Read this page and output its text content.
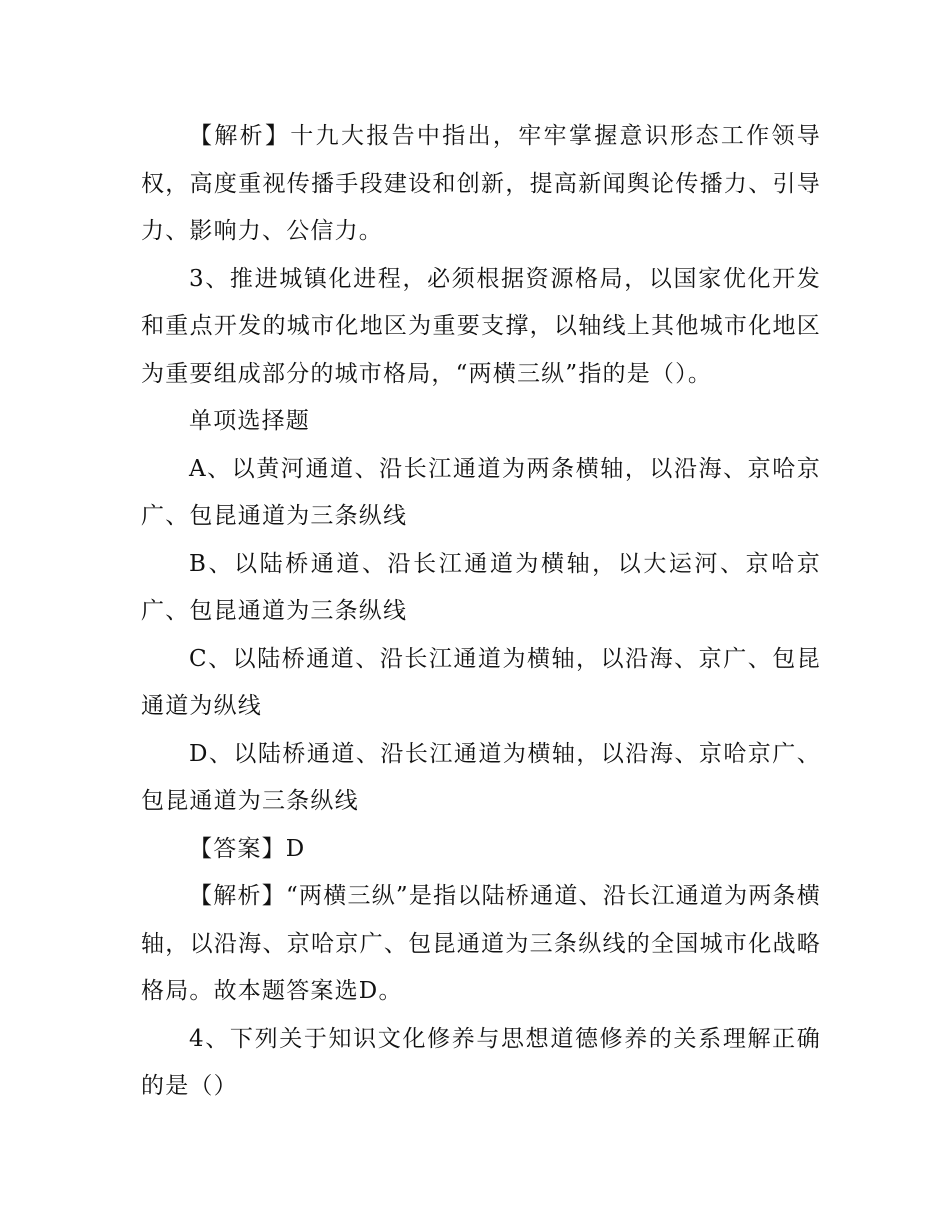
【解析】十九大报告中指出，牢牢掌握意识形态工作领导权，高度重视传播手段建设和创新，提高新闻舆论传播力、引导力、影响力、公信力。

3、推进城镇化进程，必须根据资源格局，以国家优化开发和重点开发的城市化地区为重要支撑，以轴线上其他城市化地区为重要组成部分的城市格局，“两横三纵”指的是（）。

单项选择题

A、以黄河通道、沿长江通道为两条横轴，以沿海、京哈京广、包昆通道为三条纵线

B、以陆桥通道、沿长江通道为横轴，以大运河、京哈京广、包昆通道为三条纵线

C、以陆桥通道、沿长江通道为横轴，以沿海、京广、包昆通道为纵线

D、以陆桥通道、沿长江通道为横轴，以沿海、京哈京广、包昆通道为三条纵线

【答案】D

【解析】“两横三纵”是指以陆桥通道、沿长江通道为两条横轴，以沿海、京哈京广、包昆通道为三条纵线的全国城市化战略格局。故本题答案选D。

4、下列关于知识文化修养与思想道德修养的关系理解正确的是（）
